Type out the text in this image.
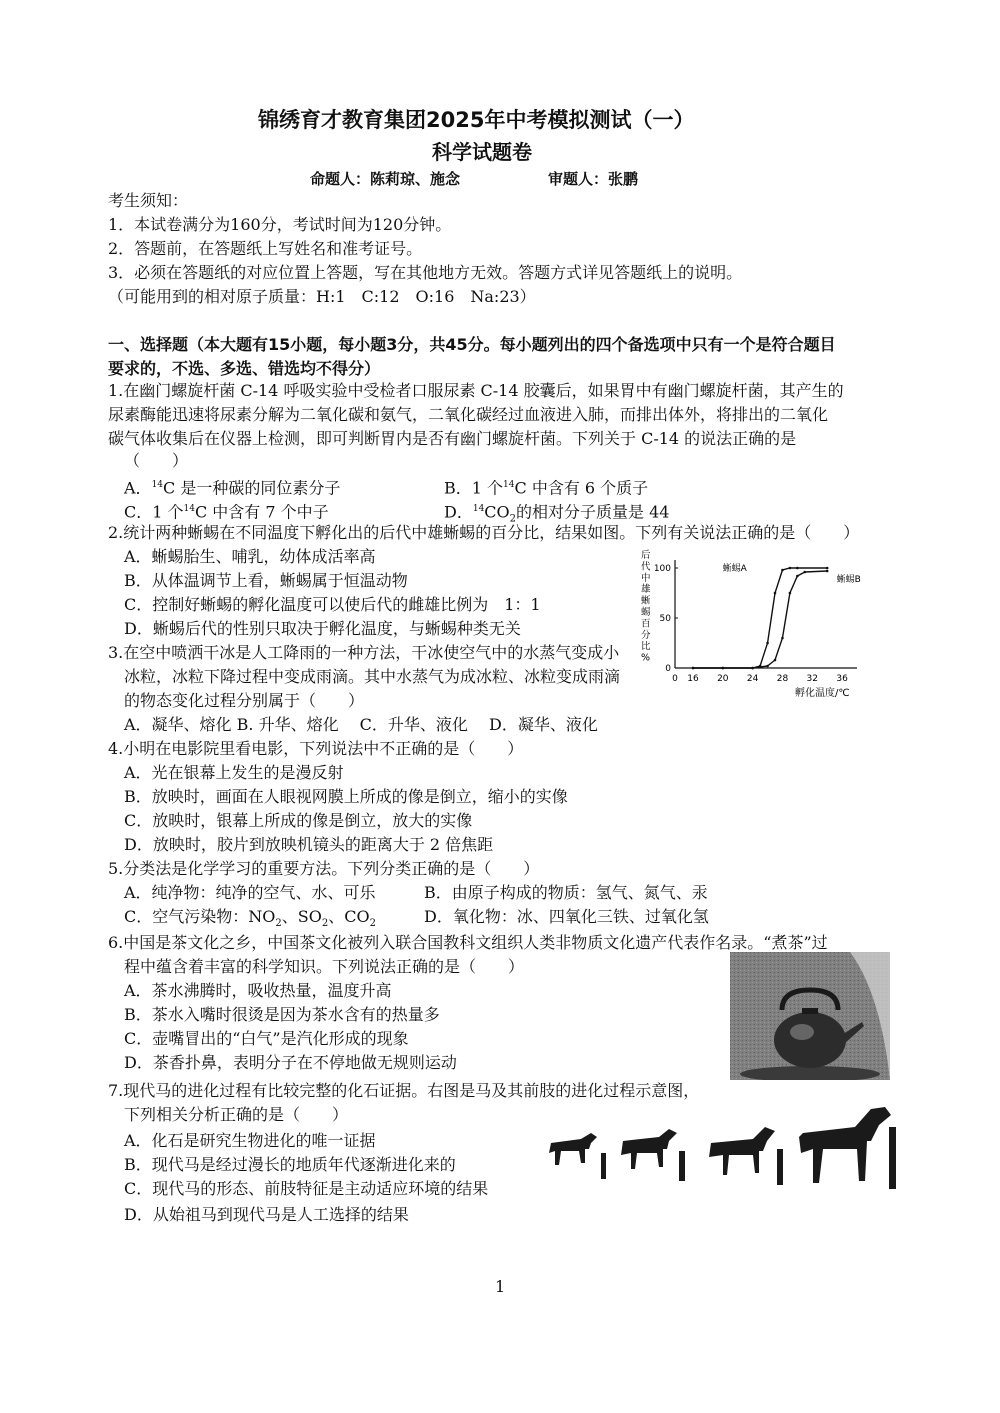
锦绣育才教育集团2025年中考模拟测试（一）
科学试题卷
命题人：陈莉琼、施念	审题人：张鹏
考生须知：
1．本试卷满分为160分，考试时间为120分钟。
2．答题前，在答题纸上写姓名和准考证号。
3．必须在答题纸的对应位置上答题，写在其他地方无效。答题方式详见答题纸上的说明。
（可能用到的相对原子质量：H:1　C:12　O:16　Na:23）
一、选择题（本大题有15小题，每小题3分，共45分。每小题列出的四个备选项中只有一个是符合题目
要求的，不选、多选、错选均不得分）
1.在幽门螺旋杆菌 C-14 呼吸实验中受检者口服尿素 C-14 胶囊后，如果胃中有幽门螺旋杆菌，其产生的
尿素酶能迅速将尿素分解为二氧化碳和氨气，二氧化碳经过血液进入肺，而排出体外，将排出的二氧化
碳气体收集后在仪器上检测，即可判断胃内是否有幽门螺旋杆菌。下列关于 C-14 的说法正确的是
（　　）
A．$^{14}$C 是一种碳的同位素分子	B．1 个$^{14}$C 中含有 6 个质子
C．1 个$^{14}$C 中含有 7 个中子	D．$^{14}CO_2$的相对分子质量是 44
2.统计两种蜥蜴在不同温度下孵化出的后代中雄蜥蜴的百分比，结果如图。下列有关说法正确的是（　　）
A．蜥蜴胎生、哺乳，幼体成活率高
B．从体温调节上看，蜥蜴属于恒温动物
C．控制好蜥蜴的孵化温度可以使后代的雌雄比例为　1：1
D．蜥蜴后代的性别只取决于孵化温度，与蜥蜴种类无关
后
代
中
雄
蜥
蜴
百
分
比
%
0
50
100
0 16 20 24 28 32 36
蜥蜴A
蜥蜴B
孵化温度/℃
3.在空中喷洒干冰是人工降雨的一种方法，干冰使空气中的水蒸气变成小
冰粒，冰粒下降过程中变成雨滴。其中水蒸气为成冰粒、冰粒变成雨滴
的物态变化过程分别属于（　　）
A．凝华、熔化 B. 升华、熔化　 C．升华、液化　 D．凝华、液化
4.小明在电影院里看电影，下列说法中不正确的是（　　）
A．光在银幕上发生的是漫反射
B．放映时，画面在人眼视网膜上所成的像是倒立，缩小的实像
C．放映时，银幕上所成的像是倒立，放大的实像
D．放映时，胶片到放映机镜头的距离大于 2 倍焦距
5.分类法是化学学习的重要方法。下列分类正确的是（　　）
A．纯净物：纯净的空气、水、可乐	B．由原子构成的物质：氢气、氮气、汞
C．空气污染物：$NO_2$、$SO_2$、$CO_2$	D．氧化物：冰、四氧化三铁、过氧化氢
6.中国是茶文化之乡，中国茶文化被列入联合国教科文组织人类非物质文化遗产代表作名录。“煮茶”过
程中蕴含着丰富的科学知识。下列说法正确的是（　　）
A．茶水沸腾时，吸收热量，温度升高
B．茶水入嘴时很烫是因为茶水含有的热量多
C．壶嘴冒出的“白气”是汽化形成的现象
D．茶香扑鼻，表明分子在不停地做无规则运动
7.现代马的进化过程有比较完整的化石证据。右图是马及其前肢的进化过程示意图，
下列相关分析正确的是（　　）
A．化石是研究生物进化的唯一证据
B．现代马是经过漫长的地质年代逐渐进化来的
C．现代马的形态、前肢特征是主动适应环境的结果
D．从始祖马到现代马是人工选择的结果
1
